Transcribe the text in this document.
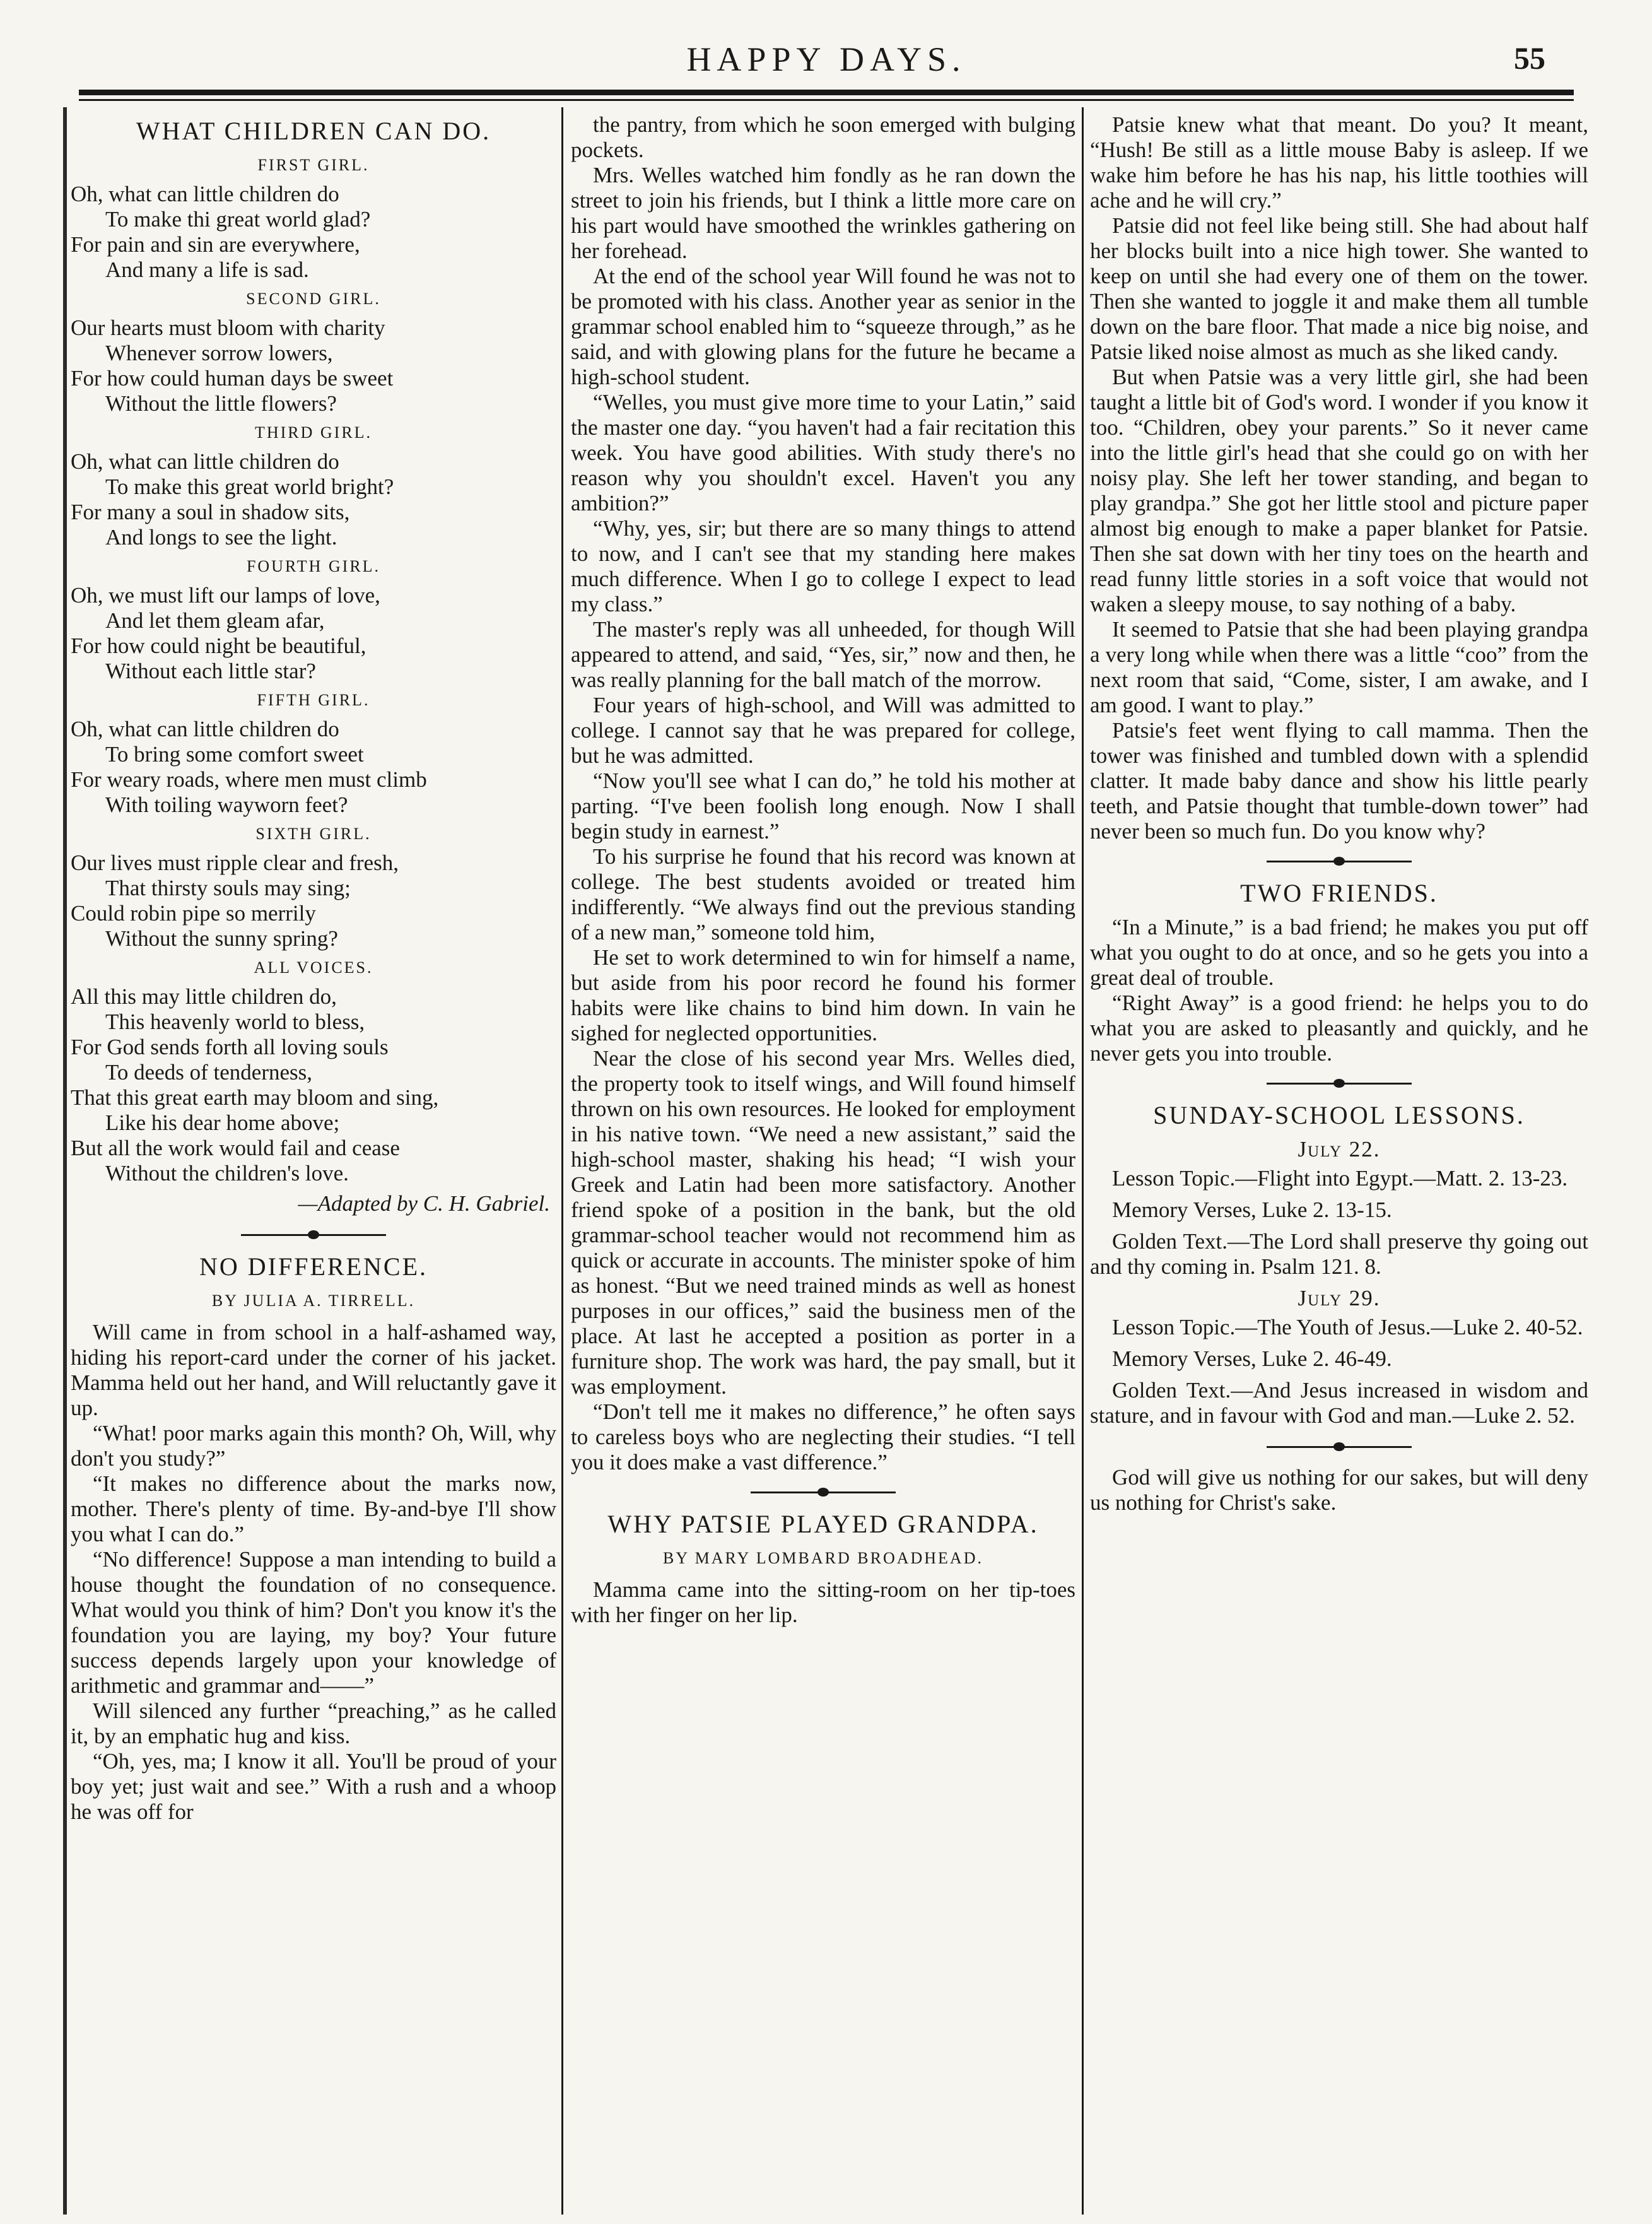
HAPPY DAYS.	55
WHAT CHILDREN CAN DO.
FIRST GIRL.
Oh, what can little children do
To make thi great world glad?
For pain and sin are everywhere,
And many a life is sad.
SECOND GIRL.
Our hearts must bloom with charity
Whenever sorrow lowers,
For how could human days be sweet
Without the little flowers?
THIRD GIRL.
Oh, what can little children do
To make this great world bright?
For many a soul in shadow sits,
And longs to see the light.
FOURTH GIRL.
Oh, we must lift our lamps of love,
And let them gleam afar,
For how could night be beautiful,
Without each little star?
FIFTH GIRL.
Oh, what can little children do
To bring some comfort sweet
For weary roads, where men must climb
With toiling wayworn feet?
SIXTH GIRL.
Our lives must ripple clear and fresh,
That thirsty souls may sing;
Could robin pipe so merrily
Without the sunny spring?
ALL VOICES.
All this may little children do,
This heavenly world to bless,
For God sends forth all loving souls
To deeds of tenderness,
That this great earth may bloom and sing,
Like his dear home above;
But all the work would fail and cease
Without the children's love.
—Adapted by C. H. Gabriel.
NO DIFFERENCE.
BY JULIA A. TIRRELL.

Will came in from school in a half-ashamed way, hiding his report-card under the corner of his jacket. Mamma held out her hand, and Will reluctantly gave it up.

“What! poor marks again this month? Oh, Will, why don't you study?”

“It makes no difference about the marks now, mother. There's plenty of time. By-and-bye I'll show you what I can do.”

“No difference! Suppose a man intending to build a house thought the foundation of no consequence. What would you think of him? Don't you know it's the foundation you are laying, my boy? Your future success depends largely upon your knowledge of arithmetic and grammar and——”

Will silenced any further “preaching,” as he called it, by an emphatic hug and kiss.

“Oh, yes, ma; I know it all. You'll be proud of your boy yet; just wait and see.” With a rush and a whoop he was off for

the pantry, from which he soon emerged with bulging pockets.

Mrs. Welles watched him fondly as he ran down the street to join his friends, but I think a little more care on his part would have smoothed the wrinkles gathering on her forehead.

At the end of the school year Will found he was not to be promoted with his class. Another year as senior in the grammar school enabled him to “squeeze through,” as he said, and with glowing plans for the future he became a high-school student.

“Welles, you must give more time to your Latin,” said the master one day. “you haven't had a fair recitation this week. You have good abilities. With study there's no reason why you shouldn't excel. Haven't you any ambition?”

“Why, yes, sir; but there are so many things to attend to now, and I can't see that my standing here makes much difference. When I go to college I expect to lead my class.”

The master's reply was all unheeded, for though Will appeared to attend, and said, “Yes, sir,” now and then, he was really planning for the ball match of the morrow.

Four years of high-school, and Will was admitted to college. I cannot say that he was prepared for college, but he was admitted.

“Now you'll see what I can do,” he told his mother at parting. “I've been foolish long enough. Now I shall begin study in earnest.”

To his surprise he found that his record was known at college. The best students avoided or treated him indifferently. “We always find out the previous standing of a new man,” someone told him,

He set to work determined to win for himself a name, but aside from his poor record he found his former habits were like chains to bind him down. In vain he sighed for neglected opportunities.

Near the close of his second year Mrs. Welles died, the property took to itself wings, and Will found himself thrown on his own resources. He looked for employment in his native town. “We need a new assistant,” said the high-school master, shaking his head; “I wish your Greek and Latin had been more satisfactory. Another friend spoke of a position in the bank, but the old grammar-school teacher would not recommend him as quick or accurate in accounts. The minister spoke of him as honest. “But we need trained minds as well as honest purposes in our offices,” said the business men of the place. At last he accepted a position as porter in a furniture shop. The work was hard, the pay small, but it was employment.

“Don't tell me it makes no difference,” he often says to careless boys who are neglecting their studies. “I tell you it does make a vast difference.”

WHY PATSIE PLAYED GRANDPA.
BY MARY LOMBARD BROADHEAD.

Mamma came into the sitting-room on her tip-toes with her finger on her lip.

Patsie knew what that meant. Do you? It meant, “Hush! Be still as a little mouse Baby is asleep. If we wake him before he has his nap, his little toothies will ache and he will cry.”

Patsie did not feel like being still. She had about half her blocks built into a nice high tower. She wanted to keep on until she had every one of them on the tower. Then she wanted to joggle it and make them all tumble down on the bare floor. That made a nice big noise, and Patsie liked noise almost as much as she liked candy.

But when Patsie was a very little girl, she had been taught a little bit of God's word. I wonder if you know it too. “Children, obey your parents.” So it never came into the little girl's head that she could go on with her noisy play. She left her tower standing, and began to play grandpa.” She got her little stool and picture paper almost big enough to make a paper blanket for Patsie. Then she sat down with her tiny toes on the hearth and read funny little stories in a soft voice that would not waken a sleepy mouse, to say nothing of a baby.

It seemed to Patsie that she had been playing grandpa a very long while when there was a little “coo” from the next room that said, “Come, sister, I am awake, and I am good. I want to play.”

Patsie's feet went flying to call mamma. Then the tower was finished and tumbled down with a splendid clatter. It made baby dance and show his little pearly teeth, and Patsie thought that tumble-down tower” had never been so much fun. Do you know why?

TWO FRIENDS.

“In a Minute,” is a bad friend; he makes you put off what you ought to do at once, and so he gets you into a great deal of trouble.

“Right Away” is a good friend: he helps you to do what you are asked to pleasantly and quickly, and he never gets you into trouble.

SUNDAY-SCHOOL LESSONS.
July 22.
Lesson Topic.—Flight into Egypt.—Matt. 2. 13-23.
Memory Verses, Luke 2. 13-15.
Golden Text.—The Lord shall preserve thy going out and thy coming in. Psalm 121. 8.
July 29.
Lesson Topic.—The Youth of Jesus.—Luke 2. 40-52.
Memory Verses, Luke 2. 46-49.
Golden Text.—And Jesus increased in wisdom and stature, and in favour with God and man.—Luke 2. 52.

God will give us nothing for our sakes, but will deny us nothing for Christ's sake.
